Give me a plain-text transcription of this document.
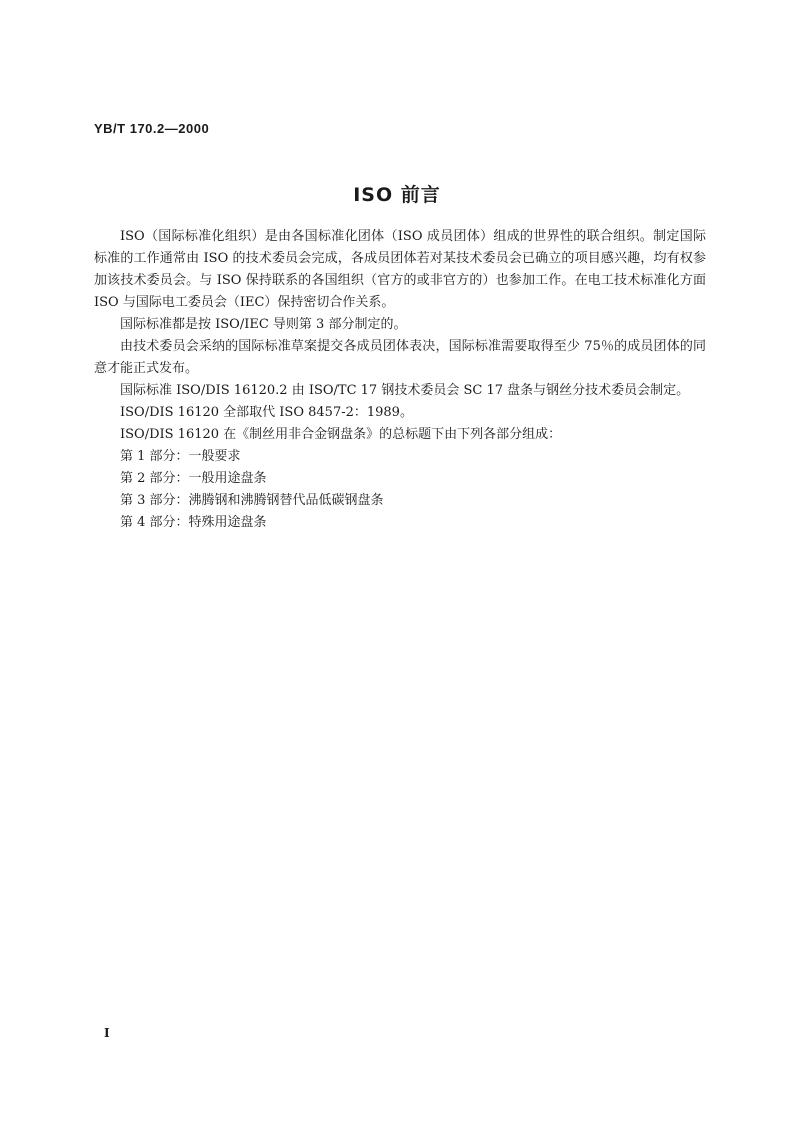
YB/T 170.2—2000
ISO 前言

ISO（国际标准化组织）是由各国标准化团体（ISO 成员团体）组成的世界性的联合组织。制定国际标准的工作通常由 ISO 的技术委员会完成，各成员团体若对某技术委员会已确立的项目感兴趣，均有权参加该技术委员会。与 ISO 保持联系的各国组织（官方的或非官方的）也参加工作。在电工技术标准化方面 ISO 与国际电工委员会（IEC）保持密切合作关系。

国际标准都是按 ISO/IEC 导则第 3 部分制定的。

由技术委员会采纳的国际标准草案提交各成员团体表决，国际标准需要取得至少 75％的成员团体的同意才能正式发布。

国际标准 ISO/DIS 16120.2 由 ISO/TC 17 钢技术委员会 SC 17 盘条与钢丝分技术委员会制定。

ISO/DIS 16120 全部取代 ISO 8457-2：1989。

ISO/DIS 16120 在《制丝用非合金钢盘条》的总标题下由下列各部分组成：

第 1 部分：一般要求

第 2 部分：一般用途盘条

第 3 部分：沸腾钢和沸腾钢替代品低碳钢盘条

第 4 部分：特殊用途盘条

I
